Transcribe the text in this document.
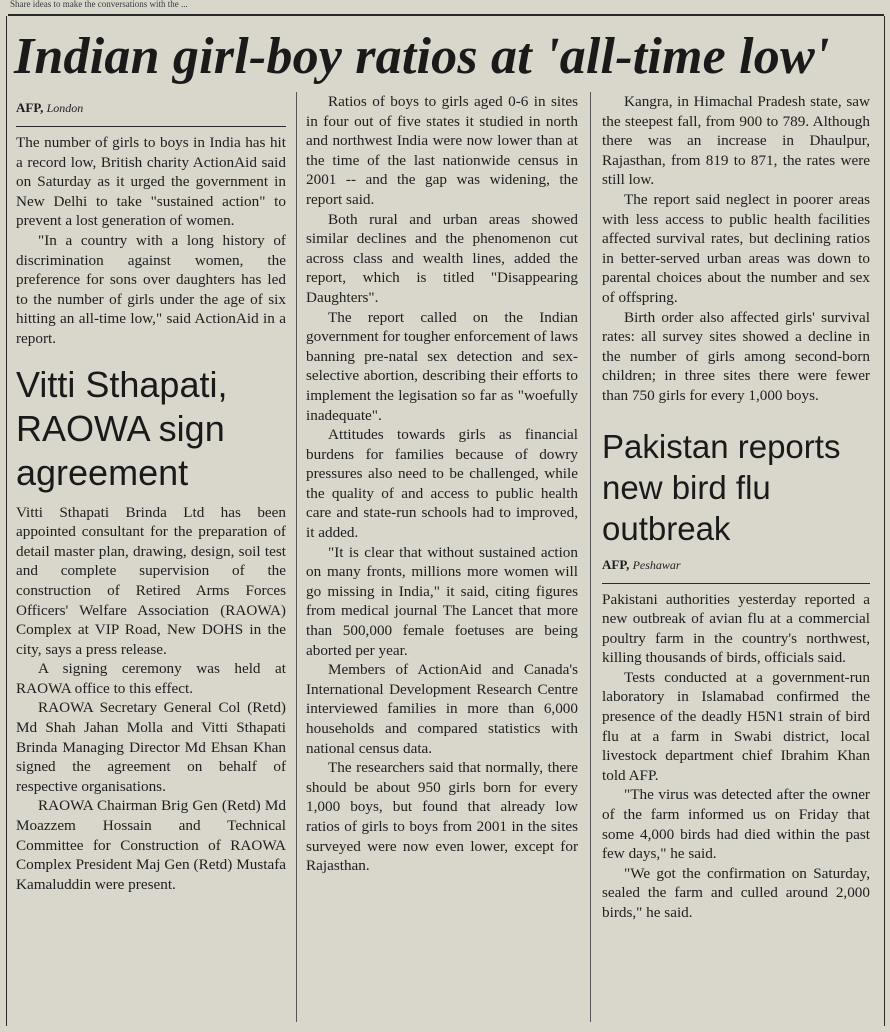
Share ideas to make the conversations with the ...
Indian girl-boy ratios at 'all-time low'
AFP, London

The number of girls to boys in India has hit a record low, British charity ActionAid said on Saturday as it urged the government in New Delhi to take "sustained action" to prevent a lost generation of women.

"In a country with a long history of discrimination against women, the preference for sons over daughters has led to the number of girls under the age of six hitting an all-time low," said ActionAid in a report.

Vitti Sthapati, RAOWA sign agreement

Vitti Sthapati Brinda Ltd has been appointed consultant for the preparation of detail master plan, drawing, design, soil test and complete supervision of the construction of Retired Arms Forces Officers' Welfare Association (RAOWA) Complex at VIP Road, New DOHS in the city, says a press release.

A signing ceremony was held at RAOWA office to this effect.

RAOWA Secretary General Col (Retd) Md Shah Jahan Molla and Vitti Sthapati Brinda Managing Director Md Ehsan Khan signed the agreement on behalf of respective organisations.

RAOWA Chairman Brig Gen (Retd) Md Moazzem Hossain and Technical Committee for Construction of RAOWA Complex President Maj Gen (Retd) Mustafa Kamaluddin were present.

Ratios of boys to girls aged 0-6 in sites in four out of five states it studied in north and northwest India were now lower than at the time of the last nationwide census in 2001 -- and the gap was widening, the report said.

Both rural and urban areas showed similar declines and the phenomenon cut across class and wealth lines, added the report, which is titled "Disappearing Daughters".

The report called on the Indian government for tougher enforcement of laws banning pre-natal sex detection and sex-selective abortion, describing their efforts to implement the legisation so far as "woefully inadequate".

Attitudes towards girls as financial burdens for families because of dowry pressures also need to be challenged, while the quality of and access to public health care and state-run schools had to improved, it added.

"It is clear that without sustained action on many fronts, millions more women will go missing in India," it said, citing figures from medical journal The Lancet that more than 500,000 female foetuses are being aborted per year.

Members of ActionAid and Canada's International Development Research Centre interviewed families in more than 6,000 households and compared statistics with national census data.

The researchers said that normally, there should be about 950 girls born for every 1,000 boys, but found that already low ratios of girls to boys from 2001 in the sites surveyed were now even lower, except for Rajasthan.

Kangra, in Himachal Pradesh state, saw the steepest fall, from 900 to 789. Although there was an increase in Dhaulpur, Rajasthan, from 819 to 871, the rates were still low.

The report said neglect in poorer areas with less access to public health facilities affected survival rates, but declining ratios in better-served urban areas was down to parental choices about the number and sex of offspring.

Birth order also affected girls' survival rates: all survey sites showed a decline in the number of girls among second-born children; in three sites there were fewer than 750 girls for every 1,000 boys.

Pakistan reports new bird flu outbreak
AFP, Peshawar

Pakistani authorities yesterday reported a new outbreak of avian flu at a commercial poultry farm in the country's northwest, killing thousands of birds, officials said.

Tests conducted at a government-run laboratory in Islamabad confirmed the presence of the deadly H5N1 strain of bird flu at a farm in Swabi district, local livestock department chief Ibrahim Khan told AFP.

"The virus was detected after the owner of the farm informed us on Friday that some 4,000 birds had died within the past few days," he said.

"We got the confirmation on Saturday, sealed the farm and culled around 2,000 birds," he said.
